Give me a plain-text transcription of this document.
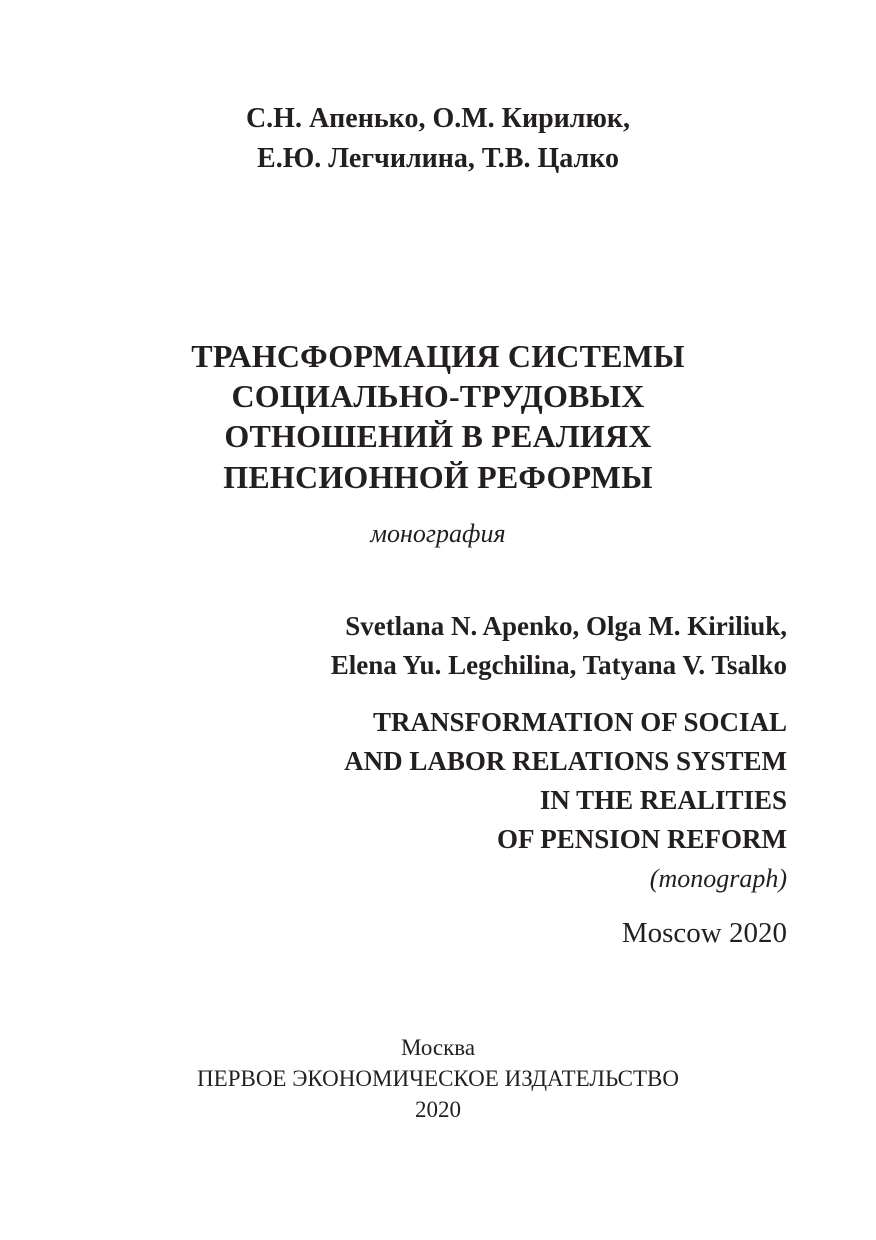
С.Н. Апенько, О.М. Кирилюк,
Е.Ю. Легчилина, Т.В. Цалко
ТРАНСФОРМАЦИЯ СИСТЕМЫ
СОЦИАЛЬНО-ТРУДОВЫХ
ОТНОШЕНИЙ В РЕАЛИЯХ
ПЕНСИОННОЙ РЕФОРМЫ
монография
Svetlana N. Apenko, Olga M. Kiriliuk,
Elena Yu. Legchilina, Tatyana V. Tsalko
TRANSFORMATION OF SOCIAL
AND LABOR RELATIONS SYSTEM
IN THE REALITIES
OF PENSION REFORM
(monograph)
Moscow 2020
Москва
ПЕРВОЕ ЭКОНОМИЧЕСКОЕ ИЗДАТЕЛЬСТВО
2020
